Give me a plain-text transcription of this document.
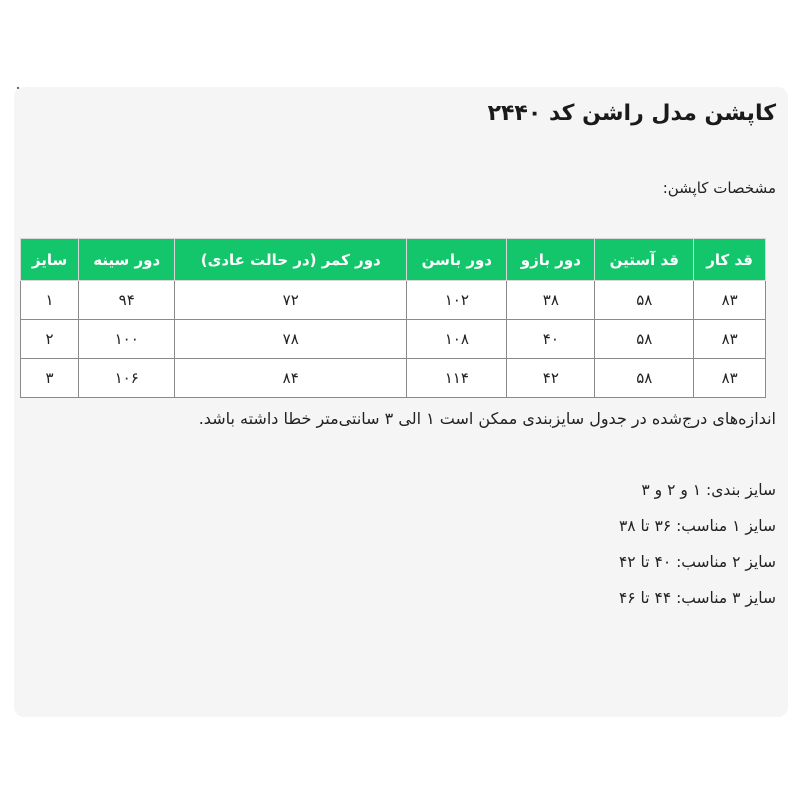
کاپشن مدل راشن کد ۲۴۴۰
مشخصات کاپشن:
قد کار	قد آستین	دور بازو	دور باسن	دور کمر (در حالت عادی)	دور سینه	سایز
۸۳	۵۸	۳۸	۱۰۲	۷۲	۹۴	۱
۸۳	۵۸	۴۰	۱۰۸	۷۸	۱۰۰	۲
۸۳	۵۸	۴۲	۱۱۴	۸۴	۱۰۶	۳
اندازه‌های درج‌شده در جدول سایزبندی ممکن است ۱ الی ۳ سانتی‌متر خطا داشته باشد.
سایز بندی: ۱ و ۲ و ۳
سایز ۱ مناسب: ۳۶ تا ۳۸
سایز ۲ مناسب: ۴۰ تا ۴۲
سایز ۳ مناسب: ۴۴ تا ۴۶
